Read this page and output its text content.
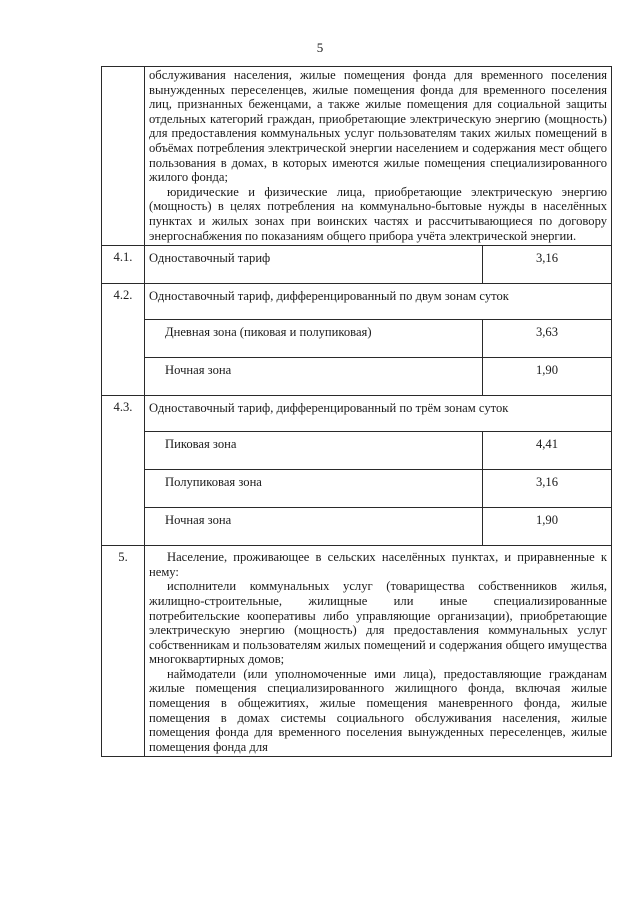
5

	обслуживания населения, жилые помещения фонда для временного поселения вынужденных переселенцев, жилые помещения фонда для временного поселения лиц, признанных беженцами, а также жилые помещения для социальной защиты отдельных категорий граждан, приобретающие электрическую энергию (мощность) для предоставления коммунальных услуг пользователям таких жилых помещений в объёмах потребления электрической энергии населением и содержания мест общего пользования в домах, в которых имеются жилые помещения специализированного жилого фонда;

юридические и физические лица, приобретающие электрическую энергию (мощность) в целях потребления на коммунально-бытовые нужды в населённых пунктах и жилых зонах при воинских частях и рассчитывающиеся по договору энергоснабжения по показаниям общего прибора учёта электрической энергии.	

4.1.	Одноставочный тариф	3,16
4.2.	Одноставочный тариф, дифференцированный по двум зонам суток	
	Дневная зона (пиковая и полупиковая)	3,63
	Ночная зона	1,90
4.3.	Одноставочный тариф, дифференцированный по трём зонам суток	
	Пиковая зона	4,41
	Полупиковая зона	3,16
	Ночная зона	1,90
5.	Население, проживающее в сельских населённых пунктах, и приравненные к нему:

исполнители коммунальных услуг (товарищества собственников жилья, жилищно-строительные, жилищные или иные специализированные потребительские кооперативы либо управляющие организации), приобретающие электрическую энергию (мощность) для предоставления коммунальных услуг собственникам и пользователям жилых помещений и содержания общего имущества многоквартирных домов;

наймодатели (или уполномоченные ими лица), предоставляющие гражданам жилые помещения специализированного жилищного фонда, включая жилые помещения в общежитиях, жилые помещения маневренного фонда, жилые помещения в домах системы социального обслуживания населения, жилые помещения фонда для временного поселения вынужденных переселенцев, жилые помещения фонда для	
